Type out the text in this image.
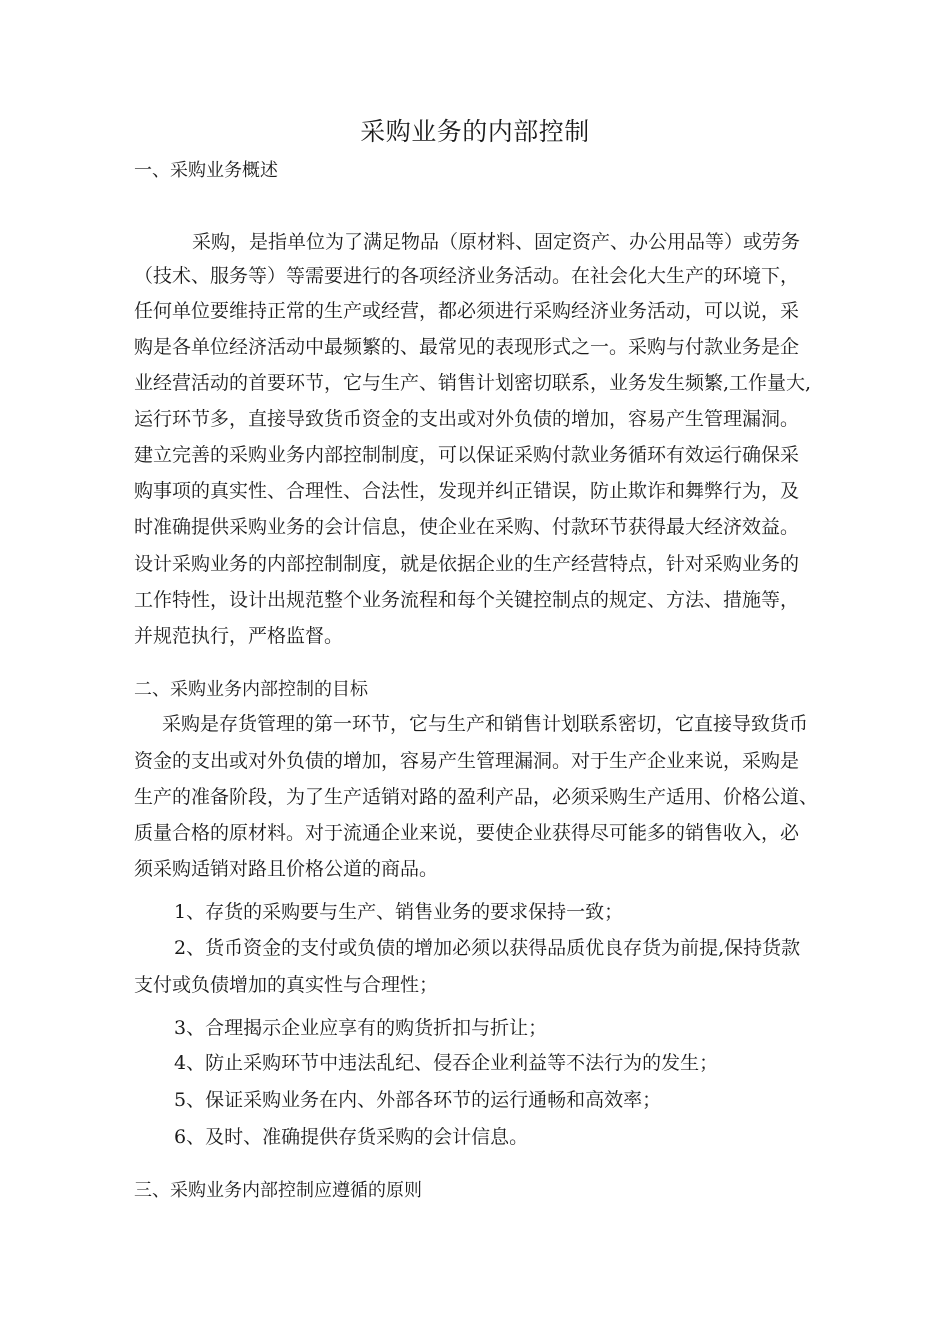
采购业务的内部控制
一、采购业务概述
采购，是指单位为了满足物品（原材料、固定资产、办公用品等）或劳务
（技术、服务等）等需要进行的各项经济业务活动。在社会化大生产的环境下，
任何单位要维持正常的生产或经营，都必须进行采购经济业务活动，可以说，采
购是各单位经济活动中最频繁的、最常见的表现形式之一。采购与付款业务是企
业经营活动的首要环节，它与生产、销售计划密切联系，业务发生频繁,工作量大,
运行环节多，直接导致货币资金的支出或对外负债的增加，容易产生管理漏洞。
建立完善的采购业务内部控制制度，可以保证采购付款业务循环有效运行确保采
购事项的真实性、合理性、合法性，发现并纠正错误，防止欺诈和舞弊行为，及
时准确提供采购业务的会计信息，使企业在采购、付款环节获得最大经济效益。
设计采购业务的内部控制制度，就是依据企业的生产经营特点，针对采购业务的
工作特性，设计出规范整个业务流程和每个关键控制点的规定、方法、措施等，
并规范执行，严格监督。
二、采购业务内部控制的目标
采购是存货管理的第一环节，它与生产和销售计划联系密切，它直接导致货币
资金的支出或对外负债的增加，容易产生管理漏洞。对于生产企业来说，采购是
生产的准备阶段，为了生产适销对路的盈利产品，必须采购生产适用、价格公道、
质量合格的原材料。对于流通企业来说，要使企业获得尽可能多的销售收入，必
须采购适销对路且价格公道的商品。
1、存货的采购要与生产、销售业务的要求保持一致；
2、货币资金的支付或负债的增加必须以获得品质优良存货为前提,保持货款
支付或负债增加的真实性与合理性；
3、合理揭示企业应享有的购货折扣与折让；
4、防止采购环节中违法乱纪、侵吞企业利益等不法行为的发生；
5、保证采购业务在内、外部各环节的运行通畅和高效率；
6、及时、准确提供存货采购的会计信息。
三、采购业务内部控制应遵循的原则
